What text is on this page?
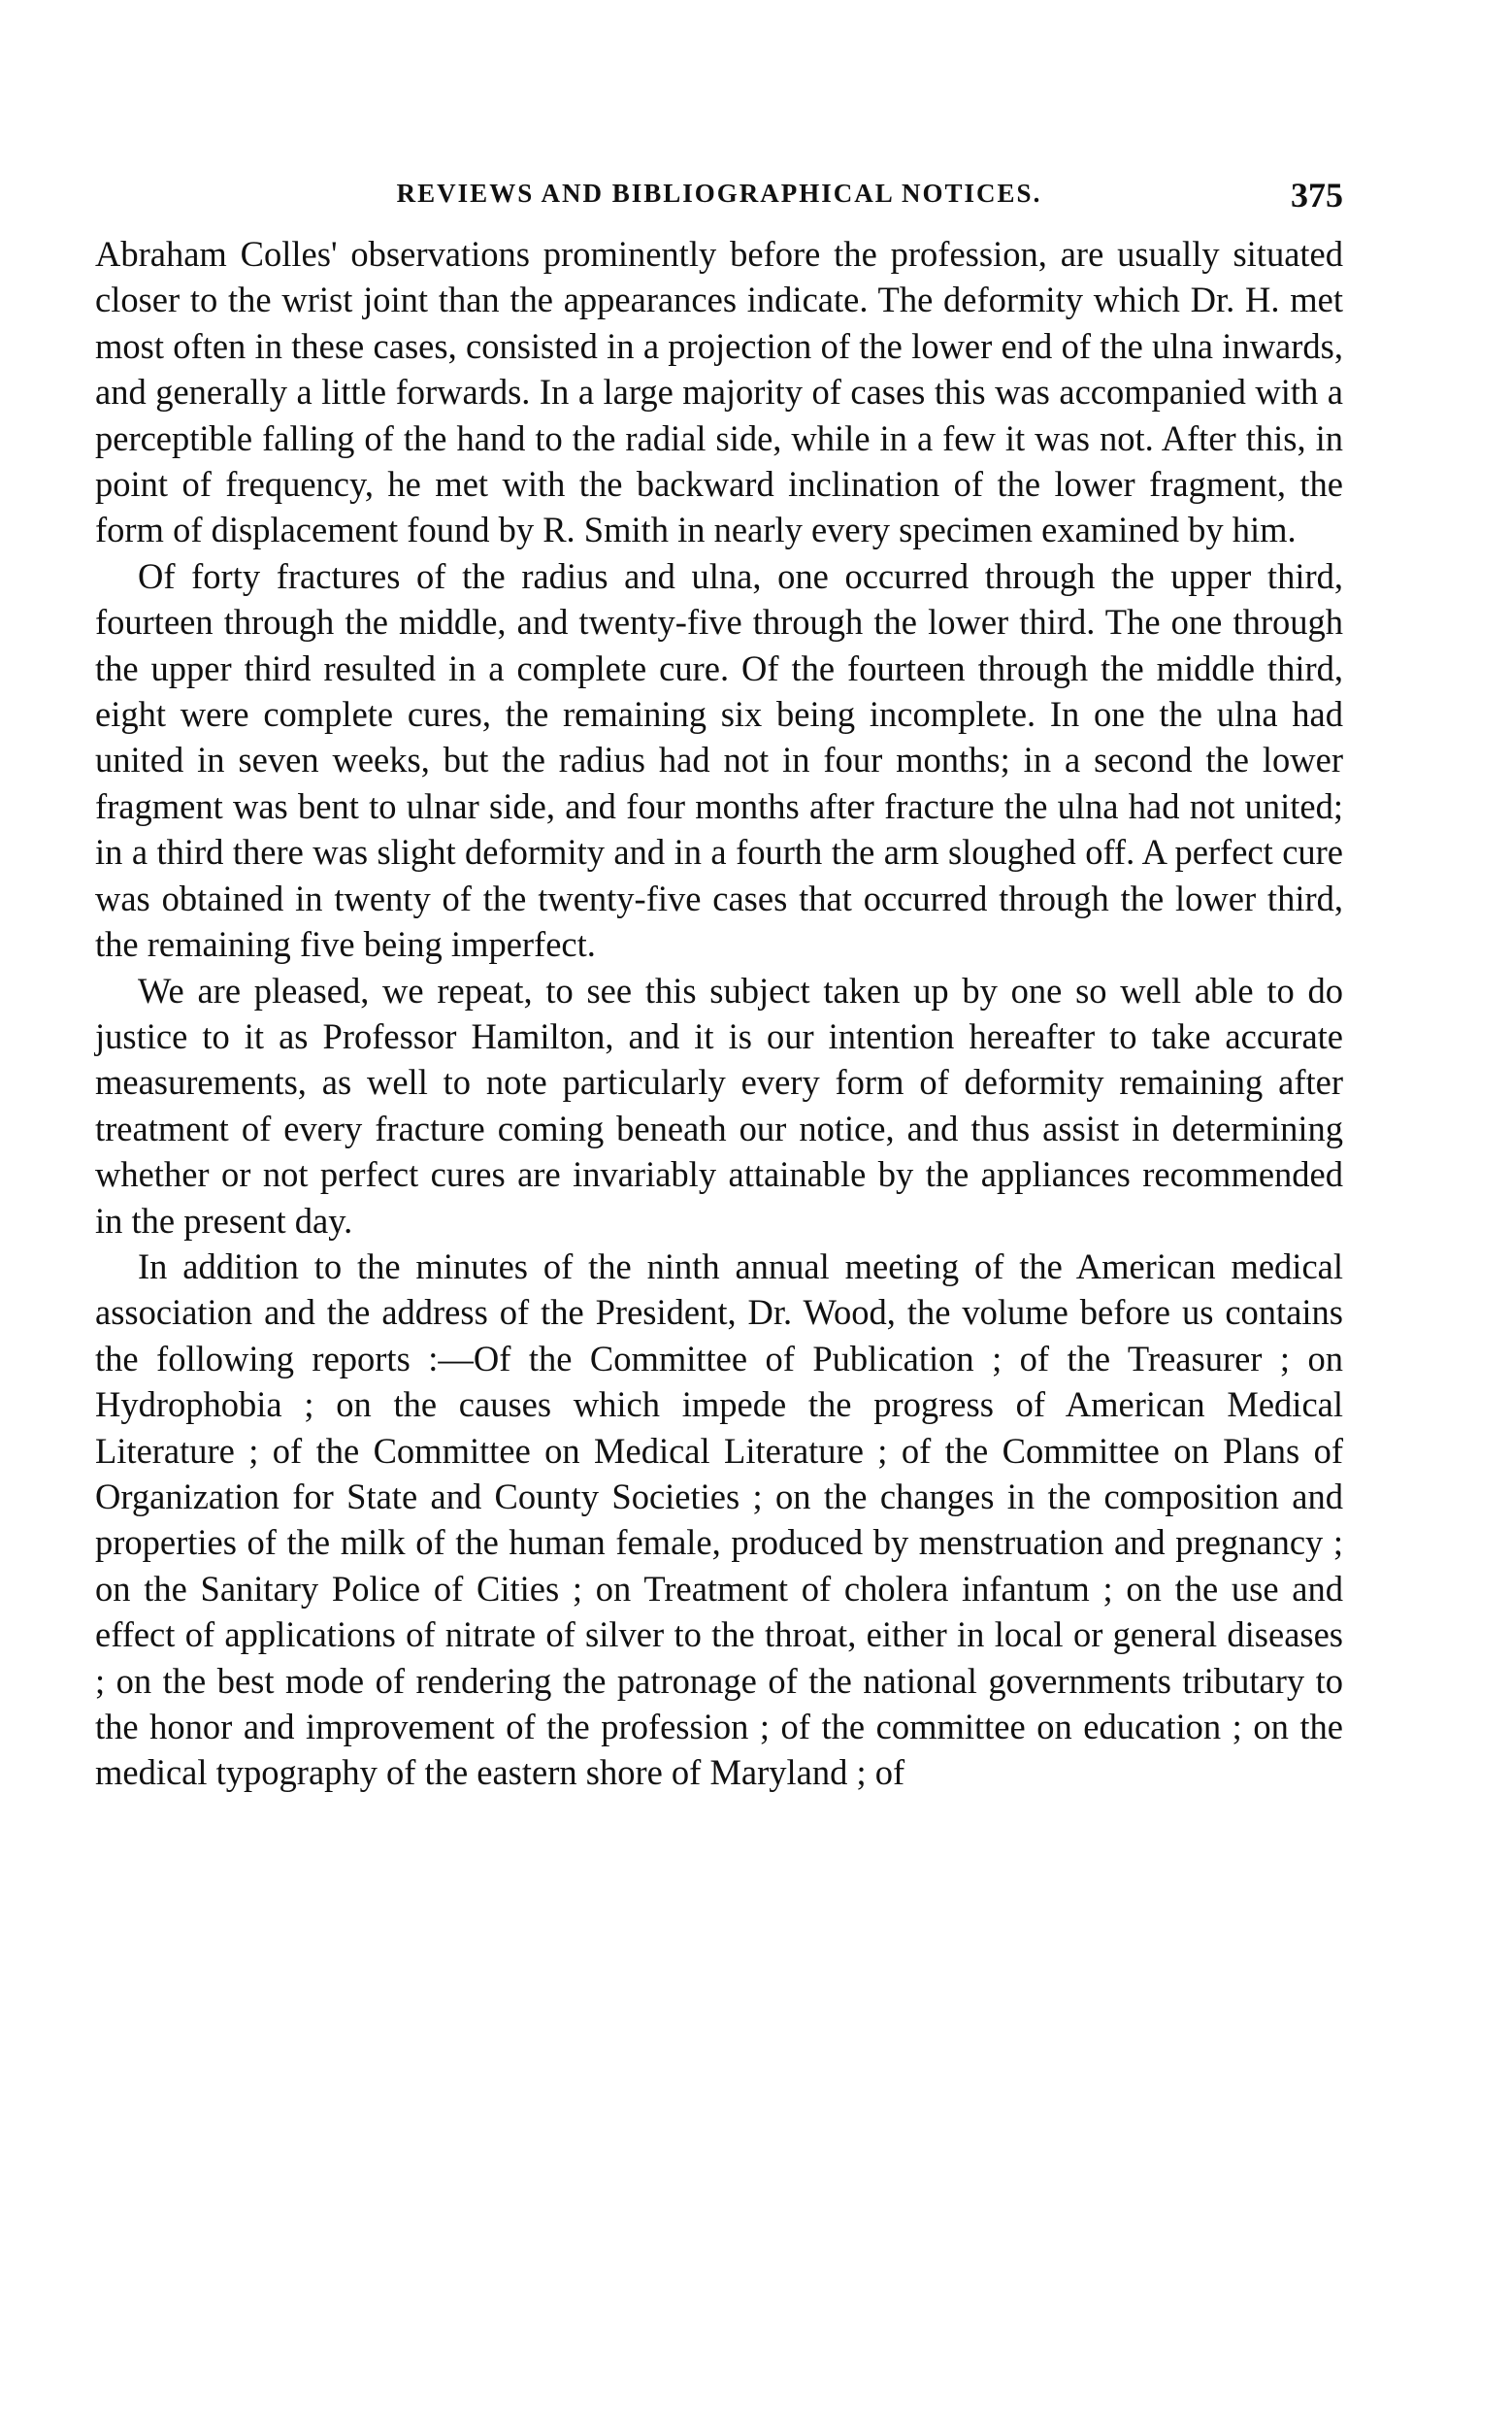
REVIEWS AND BIBLIOGRAPHICAL NOTICES.	375

Abraham Colles' observations prominently before the profession, are usually situated closer to the wrist joint than the appearances indicate. The deformity which Dr. H. met most often in these cases, consisted in a projection of the lower end of the ulna inwards, and generally a little forwards. In a large majority of cases this was accompanied with a perceptible falling of the hand to the radial side, while in a few it was not. After this, in point of frequency, he met with the backward inclination of the lower fragment, the form of displacement found by R. Smith in nearly every specimen examined by him.

Of forty fractures of the radius and ulna, one occurred through the upper third, fourteen through the middle, and twenty-five through the lower third. The one through the upper third resulted in a complete cure. Of the fourteen through the middle third, eight were complete cures, the remaining six being incomplete. In one the ulna had united in seven weeks, but the radius had not in four months; in a second the lower fragment was bent to ulnar side, and four months after fracture the ulna had not united; in a third there was slight deformity and in a fourth the arm sloughed off. A perfect cure was obtained in twenty of the twenty-five cases that occurred through the lower third, the remaining five being imperfect.

We are pleased, we repeat, to see this subject taken up by one so well able to do justice to it as Professor Hamilton, and it is our intention hereafter to take accurate measurements, as well to note particularly every form of deformity remaining after treatment of every fracture coming beneath our notice, and thus assist in determining whether or not perfect cures are invariably attainable by the appliances recommended in the present day.

In addition to the minutes of the ninth annual meeting of the American medical association and the address of the President, Dr. Wood, the volume before us contains the following reports :—Of the Committee of Publication ; of the Treasurer ; on Hydrophobia ; on the causes which impede the progress of American Medical Literature ; of the Committee on Medical Literature ; of the Committee on Plans of Organization for State and County Societies ; on the changes in the composition and properties of the milk of the human female, produced by menstruation and pregnancy ; on the Sanitary Police of Cities ; on Treatment of cholera infantum ; on the use and effect of applications of nitrate of silver to the throat, either in local or general diseases ; on the best mode of rendering the patronage of the national governments tributary to the honor and improvement of the profession ; of the committee on education ; on the medical typography of the eastern shore of Maryland ; of
